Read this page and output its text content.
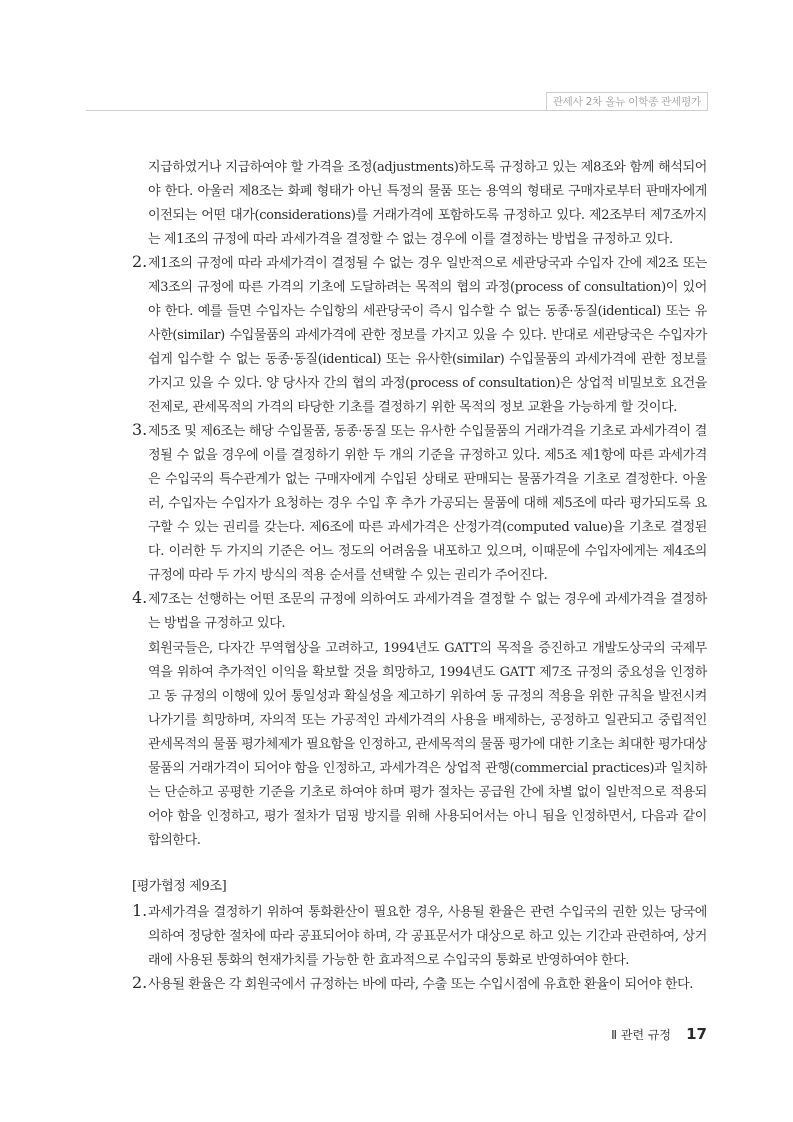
관세사 2차 올뉴 이학종 관세평가

지급하였거나 지급하여야 할 가격을 조정(adjustments)하도록 규정하고 있는 제8조와 함께 해석되어야 한다. 아울러 제8조는 화폐 형태가 아닌 특정의 물품 또는 용역의 형태로 구매자로부터 판매자에게 이전되는 어떤 대가(considerations)를 거래가격에 포함하도록 규정하고 있다. 제2조부터 제7조까지는 제1조의 규정에 따라 과세가격을 결정할 수 없는 경우에 이를 결정하는 방법을 규정하고 있다.

2. 제1조의 규정에 따라 과세가격이 결정될 수 없는 경우 일반적으로 세관당국과 수입자 간에 제2조 또는 제3조의 규정에 따른 가격의 기초에 도달하려는 목적의 협의 과정(process of consultation)이 있어야 한다. 예를 들면 수입자는 수입항의 세관당국이 즉시 입수할 수 없는 동종·동질(identical) 또는 유사한(similar) 수입물품의 과세가격에 관한 정보를 가지고 있을 수 있다. 반대로 세관당국은 수입자가 쉽게 입수할 수 없는 동종·동질(identical) 또는 유사한(similar) 수입물품의 과세가격에 관한 정보를 가지고 있을 수 있다. 양 당사자 간의 협의 과정(process of consultation)은 상업적 비밀보호 요건을 전제로, 관세목적의 가격의 타당한 기초를 결정하기 위한 목적의 정보 교환을 가능하게 할 것이다.

3. 제5조 및 제6조는 해당 수입물품, 동종·동질 또는 유사한 수입물품의 거래가격을 기초로 과세가격이 결정될 수 없을 경우에 이를 결정하기 위한 두 개의 기준을 규정하고 있다. 제5조 제1항에 따른 과세가격은 수입국의 특수관계가 없는 구매자에게 수입된 상태로 판매되는 물품가격을 기초로 결정한다. 아울러, 수입자는 수입자가 요청하는 경우 수입 후 추가 가공되는 물품에 대해 제5조에 따라 평가되도록 요구할 수 있는 권리를 갖는다. 제6조에 따른 과세가격은 산정가격(computed value)을 기초로 결정된다. 이러한 두 가지의 기준은 어느 정도의 어려움을 내포하고 있으며, 이때문에 수입자에게는 제4조의 규정에 따라 두 가지 방식의 적용 순서를 선택할 수 있는 권리가 주어진다.

4. 제7조는 선행하는 어떤 조문의 규정에 의하여도 과세가격을 결정할 수 없는 경우에 과세가격을 결정하는 방법을 규정하고 있다.

회원국들은, 다자간 무역협상을 고려하고, 1994년도 GATT의 목적을 증진하고 개발도상국의 국제무역을 위하여 추가적인 이익을 확보할 것을 희망하고, 1994년도 GATT 제7조 규정의 중요성을 인정하고 동 규정의 이행에 있어 통일성과 확실성을 제고하기 위하여 동 규정의 적용을 위한 규칙을 발전시켜 나가기를 희망하며, 자의적 또는 가공적인 과세가격의 사용을 배제하는, 공정하고 일관되고 중립적인 관세목적의 물품 평가체제가 필요함을 인정하고, 관세목적의 물품 평가에 대한 기초는 최대한 평가대상물품의 거래가격이 되어야 함을 인정하고, 과세가격은 상업적 관행(commercial practices)과 일치하는 단순하고 공평한 기준을 기초로 하여야 하며 평가 절차는 공급원 간에 차별 없이 일반적으로 적용되어야 함을 인정하고, 평가 절차가 덤핑 방지를 위해 사용되어서는 아니 됨을 인정하면서, 다음과 같이 합의한다.

[평가협정 제9조]

1. 과세가격을 결정하기 위하여 통화환산이 필요한 경우, 사용될 환율은 관련 수입국의 권한 있는 당국에 의하여 정당한 절차에 따라 공표되어야 하며, 각 공표문서가 대상으로 하고 있는 기간과 관련하여, 상거래에 사용된 통화의 현재가치를 가능한 한 효과적으로 수입국의 통화로 반영하여야 한다.

2. 사용될 환율은 각 회원국에서 규정하는 바에 따라, 수출 또는 수입시점에 유효한 환율이 되어야 한다.

Ⅱ 관련 규정 17
